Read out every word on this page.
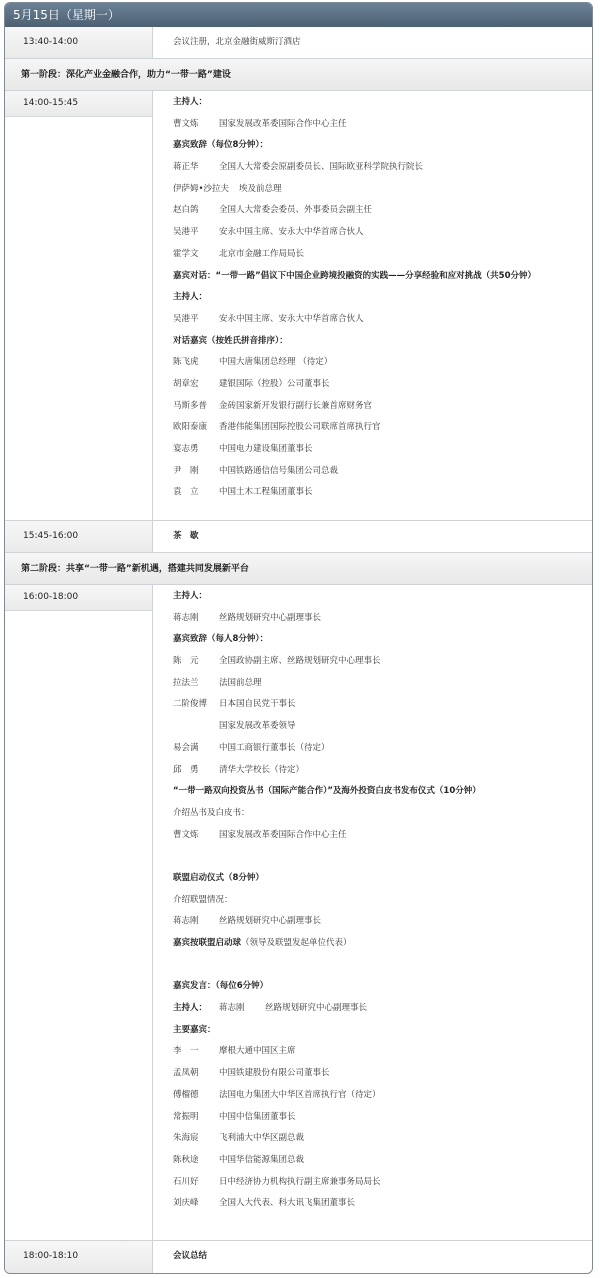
5月15日（星期一）
13:40-14:00	会议注册，北京金融街威斯汀酒店
第一阶段：深化产业金融合作，助力“一带一路”建设
14:00-15:45	主持人：
曹文炼 国家发展改革委国际合作中心主任
嘉宾致辞（每位8分钟）：
蒋正华 全国人大常委会原副委员长、国际欧亚科学院执行院长
伊萨姆•沙拉夫 埃及前总理
赵白鸽 全国人大常委会委员、外事委员会副主任
吴港平 安永中国主席、安永大中华首席合伙人
霍学文 北京市金融工作局局长
嘉宾对话：“一带一路”倡议下中国企业跨境投融资的实践——分享经验和应对挑战（共50分钟）
主持人：
吴港平 安永中国主席、安永大中华首席合伙人
对话嘉宾（按姓氏拼音排序）：
陈飞虎 中国大唐集团总经理 （待定）
胡章宏 建银国际（控股）公司董事长
马斯多普 金砖国家新开发银行副行长兼首席财务官
欧阳泰康 香港伟能集团国际控股公司联席首席执行官
宴志勇 中国电力建设集团董事长
尹　刚 中国铁路通信信号集团公司总裁
袁　立 中国土木工程集团董事长
15:45-16:00	茶　歇
第二阶段：共享“一带一路”新机遇，搭建共同发展新平台
16:00-18:00	主持人：
蒋志刚 丝路规划研究中心副理事长
嘉宾致辞（每人8分钟）：
陈　元 全国政协副主席、丝路规划研究中心理事长
拉法兰 法国前总理
二阶俊博 日本国自民党干事长
国家发展改革委领导
易会满 中国工商银行董事长（待定）
邱　勇 清华大学校长（待定）
“一带一路双向投资丛书（国际产能合作）”及海外投资白皮书发布仪式（10分钟）
介绍丛书及白皮书：
曹文炼 国家发展改革委国际合作中心主任
联盟启动仪式（8分钟）
介绍联盟情况：
蒋志刚 丝路规划研究中心副理事长
嘉宾按联盟启动球（领导及联盟发起单位代表）
嘉宾发言：（每位6分钟）
主持人： 蒋志刚 丝路规划研究中心副理事长
主要嘉宾：
李　一 摩根大通中国区主席
孟凤朝 中国铁建股份有限公司董事长
傅榴德 法国电力集团大中华区首席执行官（待定）
常振明 中国中信集团董事长
朱海宸 飞利浦大中华区副总裁
陈秋途 中国华信能源集团总裁
石川好 日中经济协力机构执行副主席兼事务局局长
刘庆峰 全国人大代表、科大讯飞集团董事长
18:00-18:10	会议总结
